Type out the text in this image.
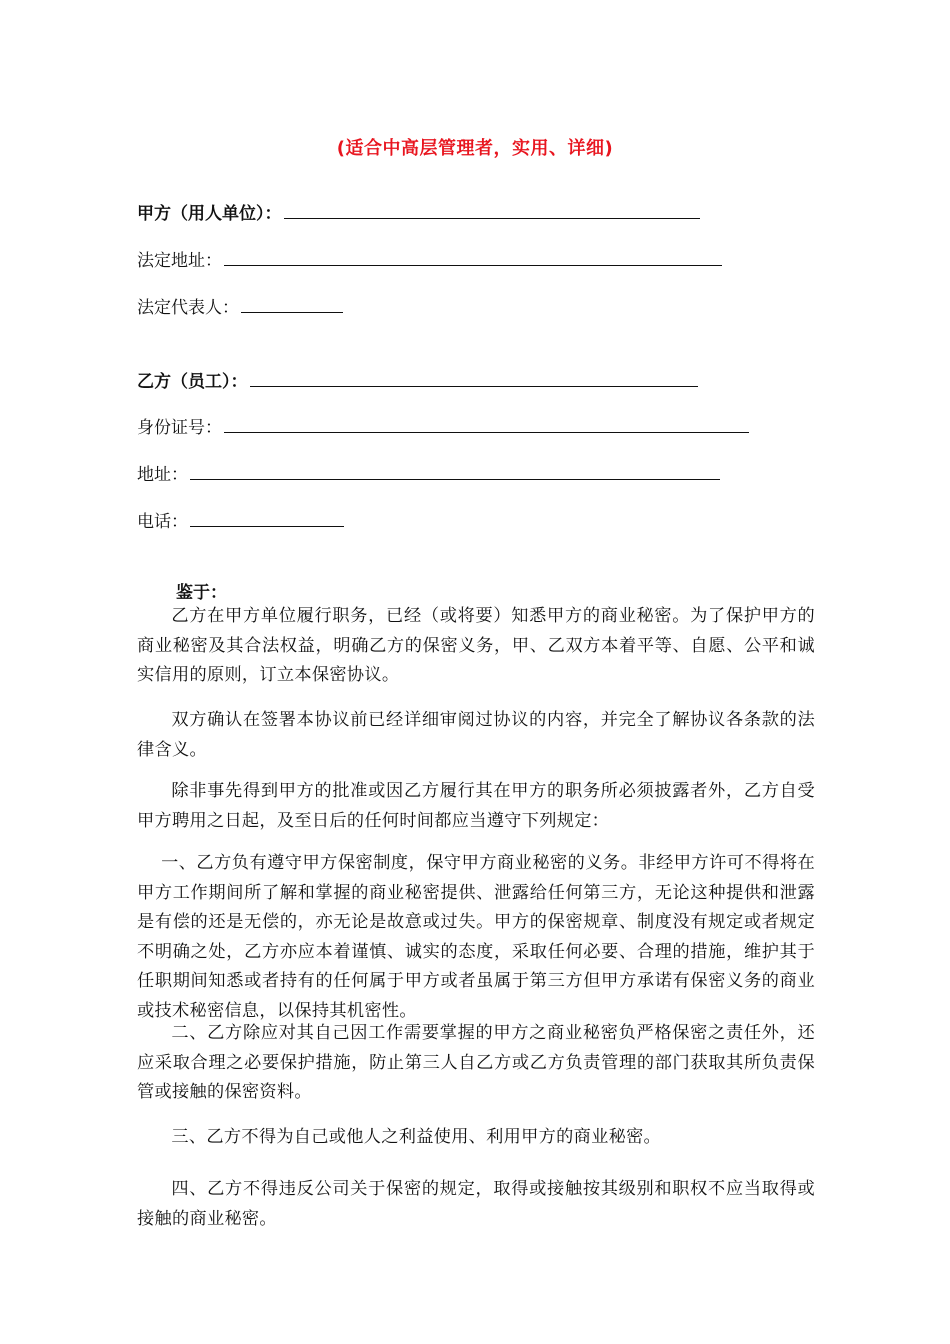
(适合中高层管理者，实用、详细)
甲方（用人单位）：
法定地址：
法定代表人：
乙方（员工）：
身份证号：
地址：
电话：
鉴于：

乙方在甲方单位履行职务，已经（或将要）知悉甲方的商业秘密。为了保护甲方的商业秘密及其合法权益，明确乙方的保密义务，甲、乙双方本着平等、自愿、公平和诚实信用的原则，订立本保密协议。

双方确认在签署本协议前已经详细审阅过协议的内容，并完全了解协议各条款的法律含义。

除非事先得到甲方的批准或因乙方履行其在甲方的职务所必须披露者外，乙方自受甲方聘用之日起，及至日后的任何时间都应当遵守下列规定：

一、乙方负有遵守甲方保密制度，保守甲方商业秘密的义务。非经甲方许可不得将在甲方工作期间所了解和掌握的商业秘密提供、泄露给任何第三方，无论这种提供和泄露是有偿的还是无偿的，亦无论是故意或过失。甲方的保密规章、制度没有规定或者规定不明确之处，乙方亦应本着谨慎、诚实的态度，采取任何必要、合理的措施，维护其于任职期间知悉或者持有的任何属于甲方或者虽属于第三方但甲方承诺有保密义务的商业或技术秘密信息，以保持其机密性。

二、乙方除应对其自己因工作需要掌握的甲方之商业秘密负严格保密之责任外，还应采取合理之必要保护措施，防止第三人自乙方或乙方负责管理的部门获取其所负责保管或接触的保密资料。

三、乙方不得为自己或他人之利益使用、利用甲方的商业秘密。

四、乙方不得违反公司关于保密的规定，取得或接触按其级别和职权不应当取得或接触的商业秘密。
